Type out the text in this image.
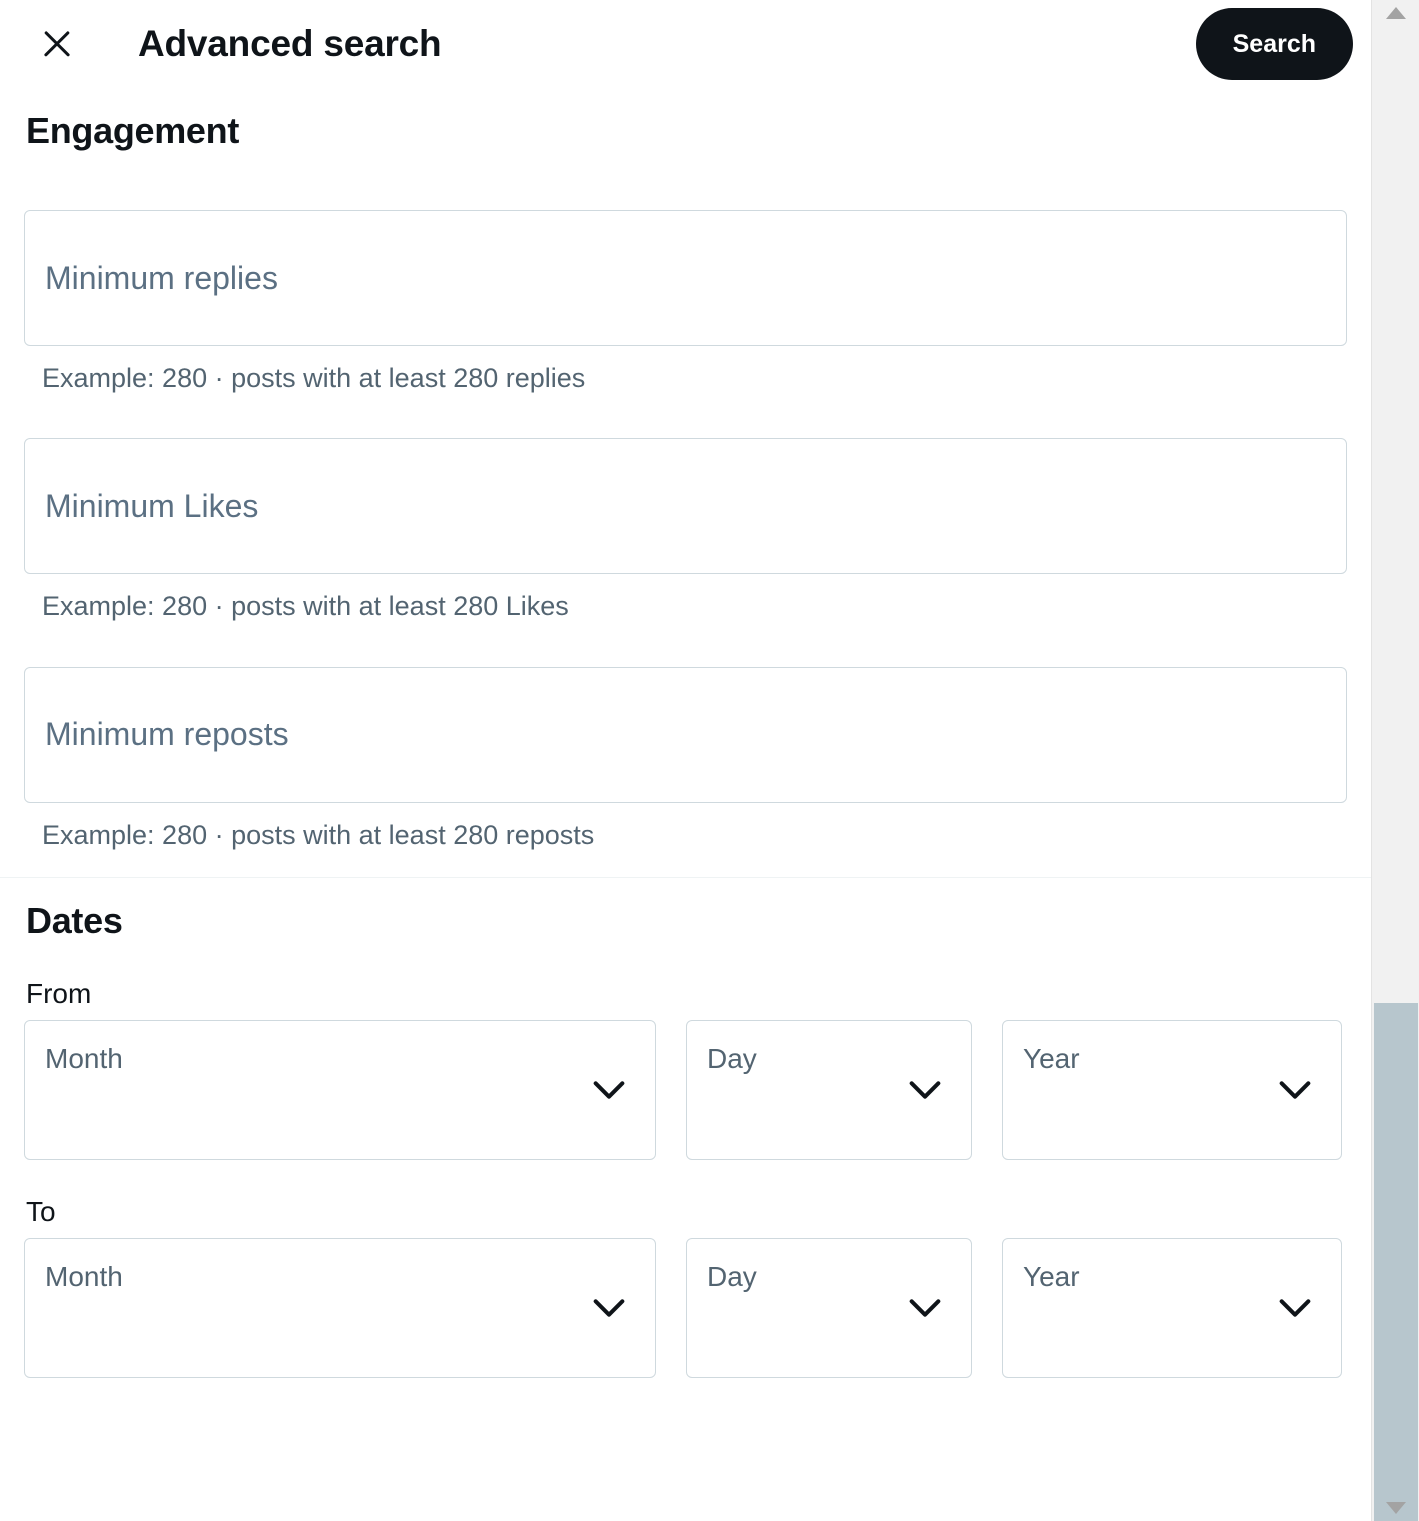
Advanced search	Search
Engagement
Minimum replies
Example: 280 · posts with at least 280 replies
Minimum Likes
Example: 280 · posts with at least 280 Likes
Minimum reposts
Example: 280 · posts with at least 280 reposts
Dates
From
Month	Day	Year
To
Month	Day	Year
